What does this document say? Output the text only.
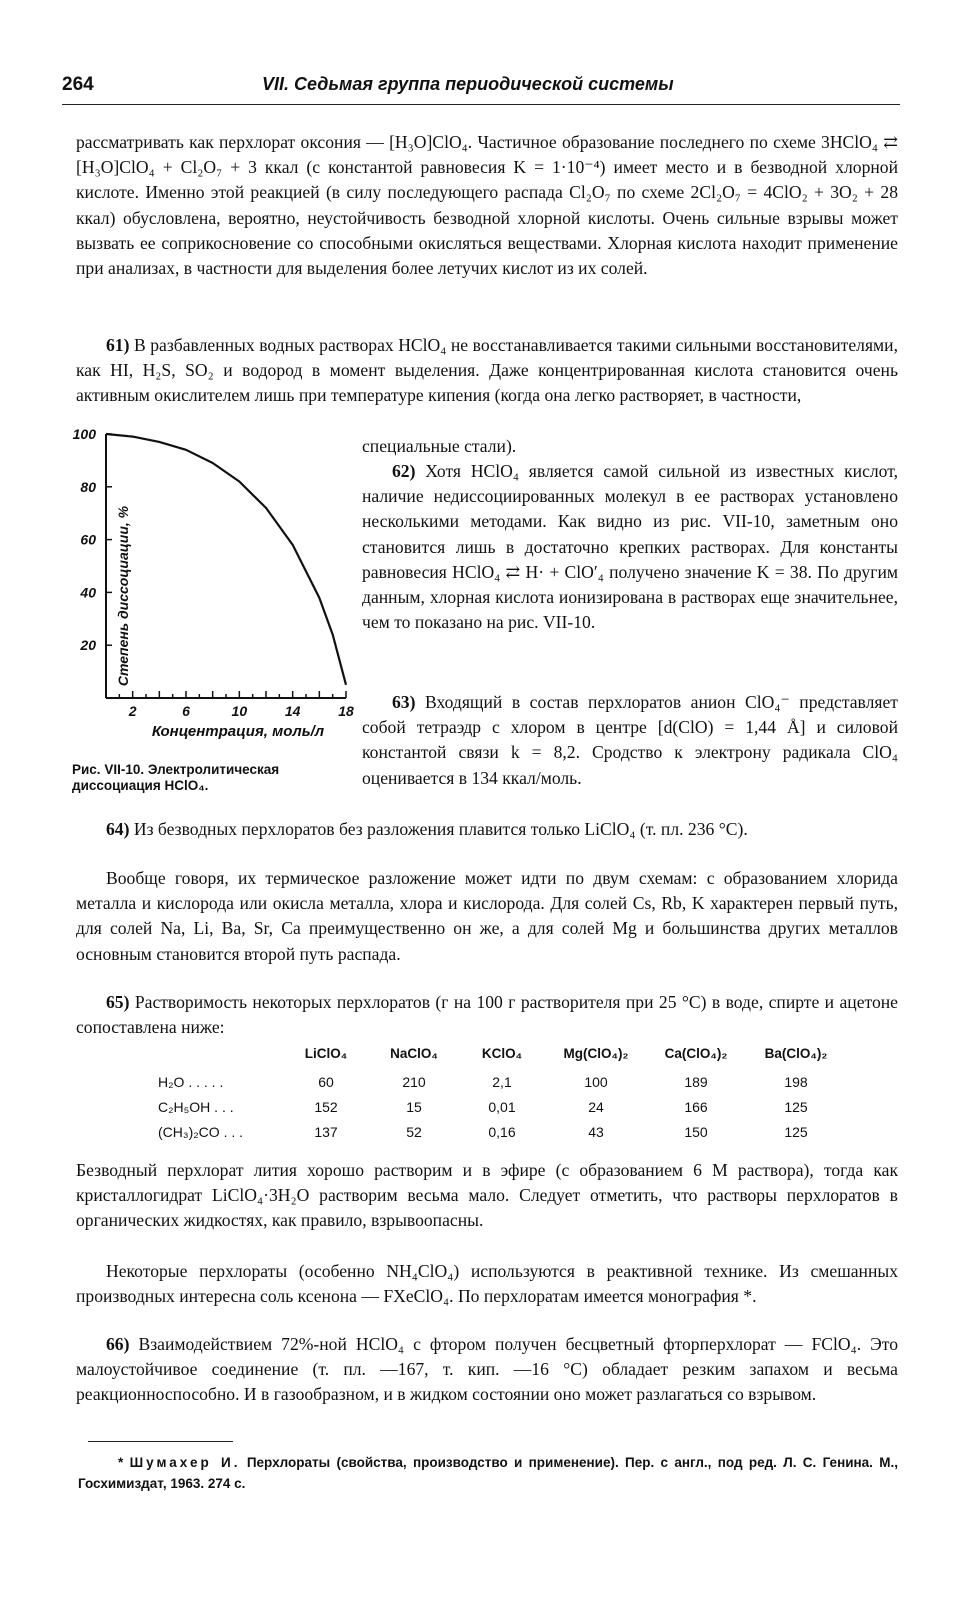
264	VII. Седьмая группа периодической системы

рассматривать как перхлорат оксония — [H₃O]ClO₄. Частичное образование последнего по схеме 3HClO₄ ⇄ [H₃O]ClO₄ + Cl₂O₇ + 3 ккал (с константой равновесия K = 1·10⁻⁴) имеет место и в безводной хлорной кислоте. Именно этой реакцией (в силу последующего распада Cl₂O₇ по схеме 2Cl₂O₇ = 4ClO₂ + 3O₂ + 28 ккал) обусловлена, вероятно, неустойчивость безводной хлорной кислоты. Очень сильные взрывы может вызвать ее соприкосновение со способными окисляться веществами. Хлорная кислота находит применение при анализах, в частности для выделения более летучих кислот из их солей.

61) В разбавленных водных растворах HClO₄ не восстанавливается такими сильными восстановителями, как HI, H₂S, SO₂ и водород в момент выделения. Даже концентрированная кислота становится очень активным окислителем лишь при температуре кипения (когда она легко растворяет, в частности,

100
80
60
40
20
2	6	10	14	18
Концентрация, моль/л
Степень диссоциации, %
Рис. VII-10. Электролитическая диссоциация HClO₄.

специальные стали).

62) Хотя HClO₄ является самой сильной из известных кислот, наличие недиссоциированных молекул в ее растворах установлено несколькими методами. Как видно из рис. VII-10, заметным оно становится лишь в достаточно крепких растворах. Для константы равновесия HClO₄ ⇄ H· + ClO′₄ получено значение K = 38. По другим данным, хлорная кислота ионизирована в растворах еще значительнее, чем то показано на рис. VII-10.

63) Входящий в состав перхлоратов анион ClO₄⁻ представляет собой тетраэдр с хлором в центре [d(ClO) = 1,44 Å] и силовой константой связи k = 8,2. Сродство к электрону радикала ClO₄ оценивается в 134 ккал/моль.

64) Из безводных перхлоратов без разложения плавится только LiClO₄ (т. пл. 236 °С).

Вообще говоря, их термическое разложение может идти по двум схемам: с образованием хлорида металла и кислорода или окисла металла, хлора и кислорода. Для солей Cs, Rb, K характерен первый путь, для солей Na, Li, Ba, Sr, Ca преимущественно он же, а для солей Mg и большинства других металлов основным становится второй путь распада.

65) Растворимость некоторых перхлоратов (г на 100 г растворителя при 25 °С) в воде, спирте и ацетоне сопоставлена ниже:

	LiClO₄	NaClO₄	KClO₄	Mg(ClO₄)₂	Ca(ClO₄)₂	Ba(ClO₄)₂
H₂O . . . . .	60	210	2,1	100	189	198
C₂H₅OH . . .	152	15	0,01	24	166	125
(CH₃)₂CO . . .	137	52	0,16	43	150	125

Безводный перхлорат лития хорошо растворим и в эфире (с образованием 6 M раствора), тогда как кристаллогидрат LiClO₄·3H₂O растворим весьма мало. Следует отметить, что растворы перхлоратов в органических жидкостях, как правило, взрывоопасны.

Некоторые перхлораты (особенно NH₄ClO₄) используются в реактивной технике. Из смешанных производных интересна соль ксенона — FXeClO₄. По перхлоратам имеется монография *.

66) Взаимодействием 72%-ной HClO₄ с фтором получен бесцветный фторперхлорат — FClO₄. Это малоустойчивое соединение (т. пл. —167, т. кип. —16 °С) обладает резким запахом и весьма реакционноспособно. И в газообразном, и в жидком состоянии оно может разлагаться со взрывом.

* Шумахер И. Перхлораты (свойства, производство и применение). Пер. с англ., под ред. Л. С. Генина. М., Госхимиздат, 1963. 274 с.
